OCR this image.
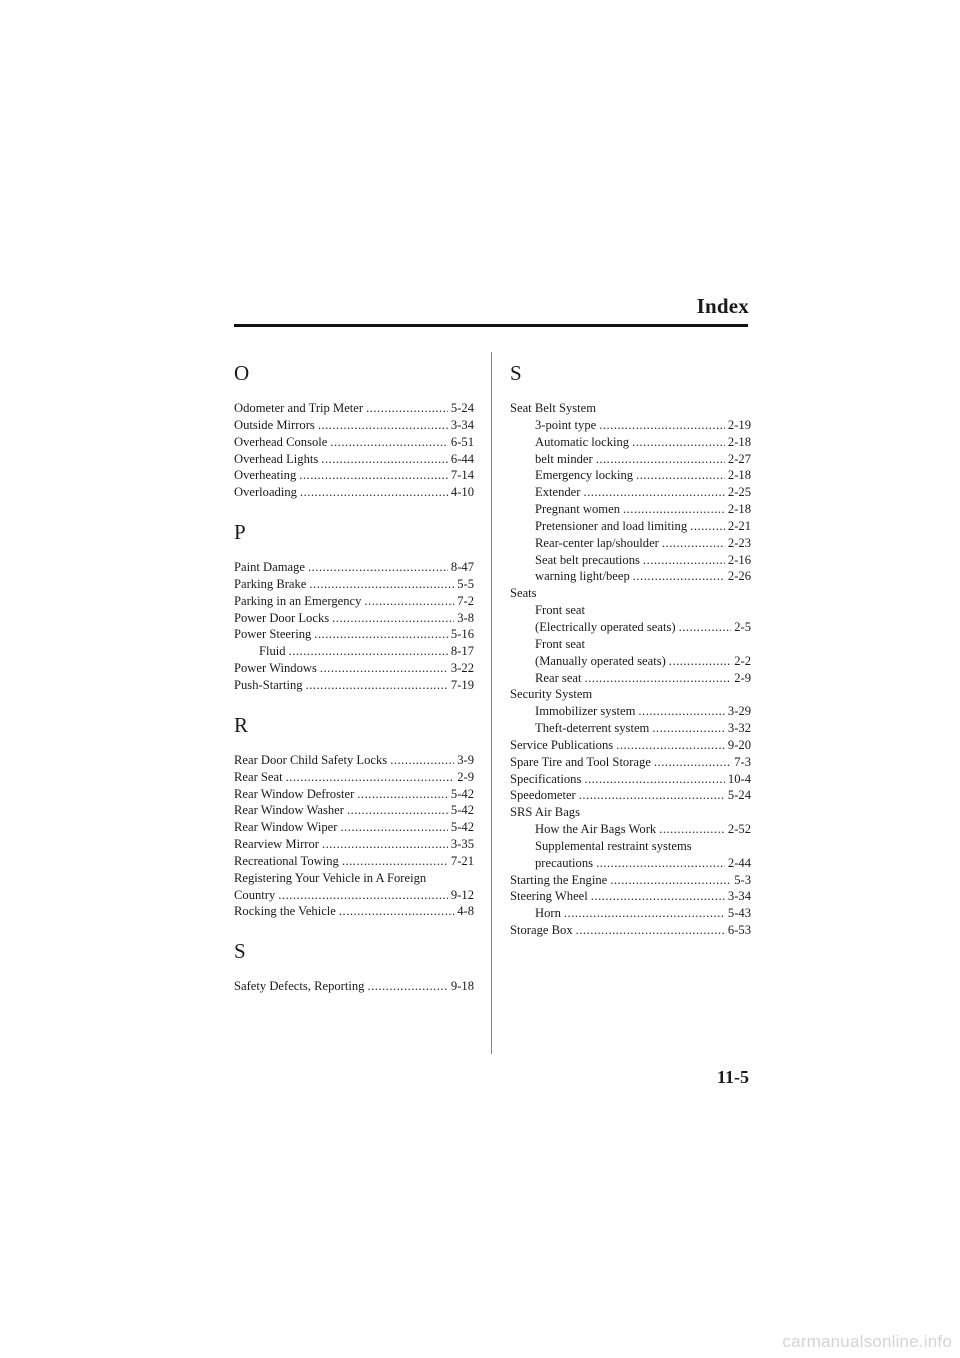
Index
O
Odometer and Trip Meter .....	5-24
Outside Mirrors .....	3-34
Overhead Console .....	6-51
Overhead Lights .....	6-44
Overheating .....	7-14
Overloading .....	4-10
P
Paint Damage .....	8-47
Parking Brake .....	5-5
Parking in an Emergency .....	7-2
Power Door Locks .....	3-8
Power Steering .....	5-16
Fluid .....	8-17
Power Windows .....	3-22
Push-Starting .....	7-19
R
Rear Door Child Safety Locks .....	3-9
Rear Seat .....	2-9
Rear Window Defroster .....	5-42
Rear Window Washer .....	5-42
Rear Window Wiper .....	5-42
Rearview Mirror .....	3-35
Recreational Towing .....	7-21
Registering Your Vehicle in A Foreign
Country .....	9-12
Rocking the Vehicle .....	4-8
S
Safety Defects, Reporting .....	9-18
S
Seat Belt System
3-point type .....	2-19
Automatic locking .....	2-18
belt minder .....	2-27
Emergency locking .....	2-18
Extender .....	2-25
Pregnant women .....	2-18
Pretensioner and load limiting .....	2-21
Rear-center lap/shoulder .....	2-23
Seat belt precautions .....	2-16
warning light/beep .....	2-26
Seats
Front seat
(Electrically operated seats) .....	2-5
Front seat
(Manually operated seats) .....	2-2
Rear seat .....	2-9
Security System
Immobilizer system .....	3-29
Theft-deterrent system .....	3-32
Service Publications .....	9-20
Spare Tire and Tool Storage .....	7-3
Specifications .....	10-4
Speedometer .....	5-24
SRS Air Bags
How the Air Bags Work .....	2-52
Supplemental restraint systems
precautions .....	2-44
Starting the Engine .....	5-3
Steering Wheel .....	3-34
Horn .....	5-43
Storage Box .....	6-53
11-5
carmanualsonline.info
